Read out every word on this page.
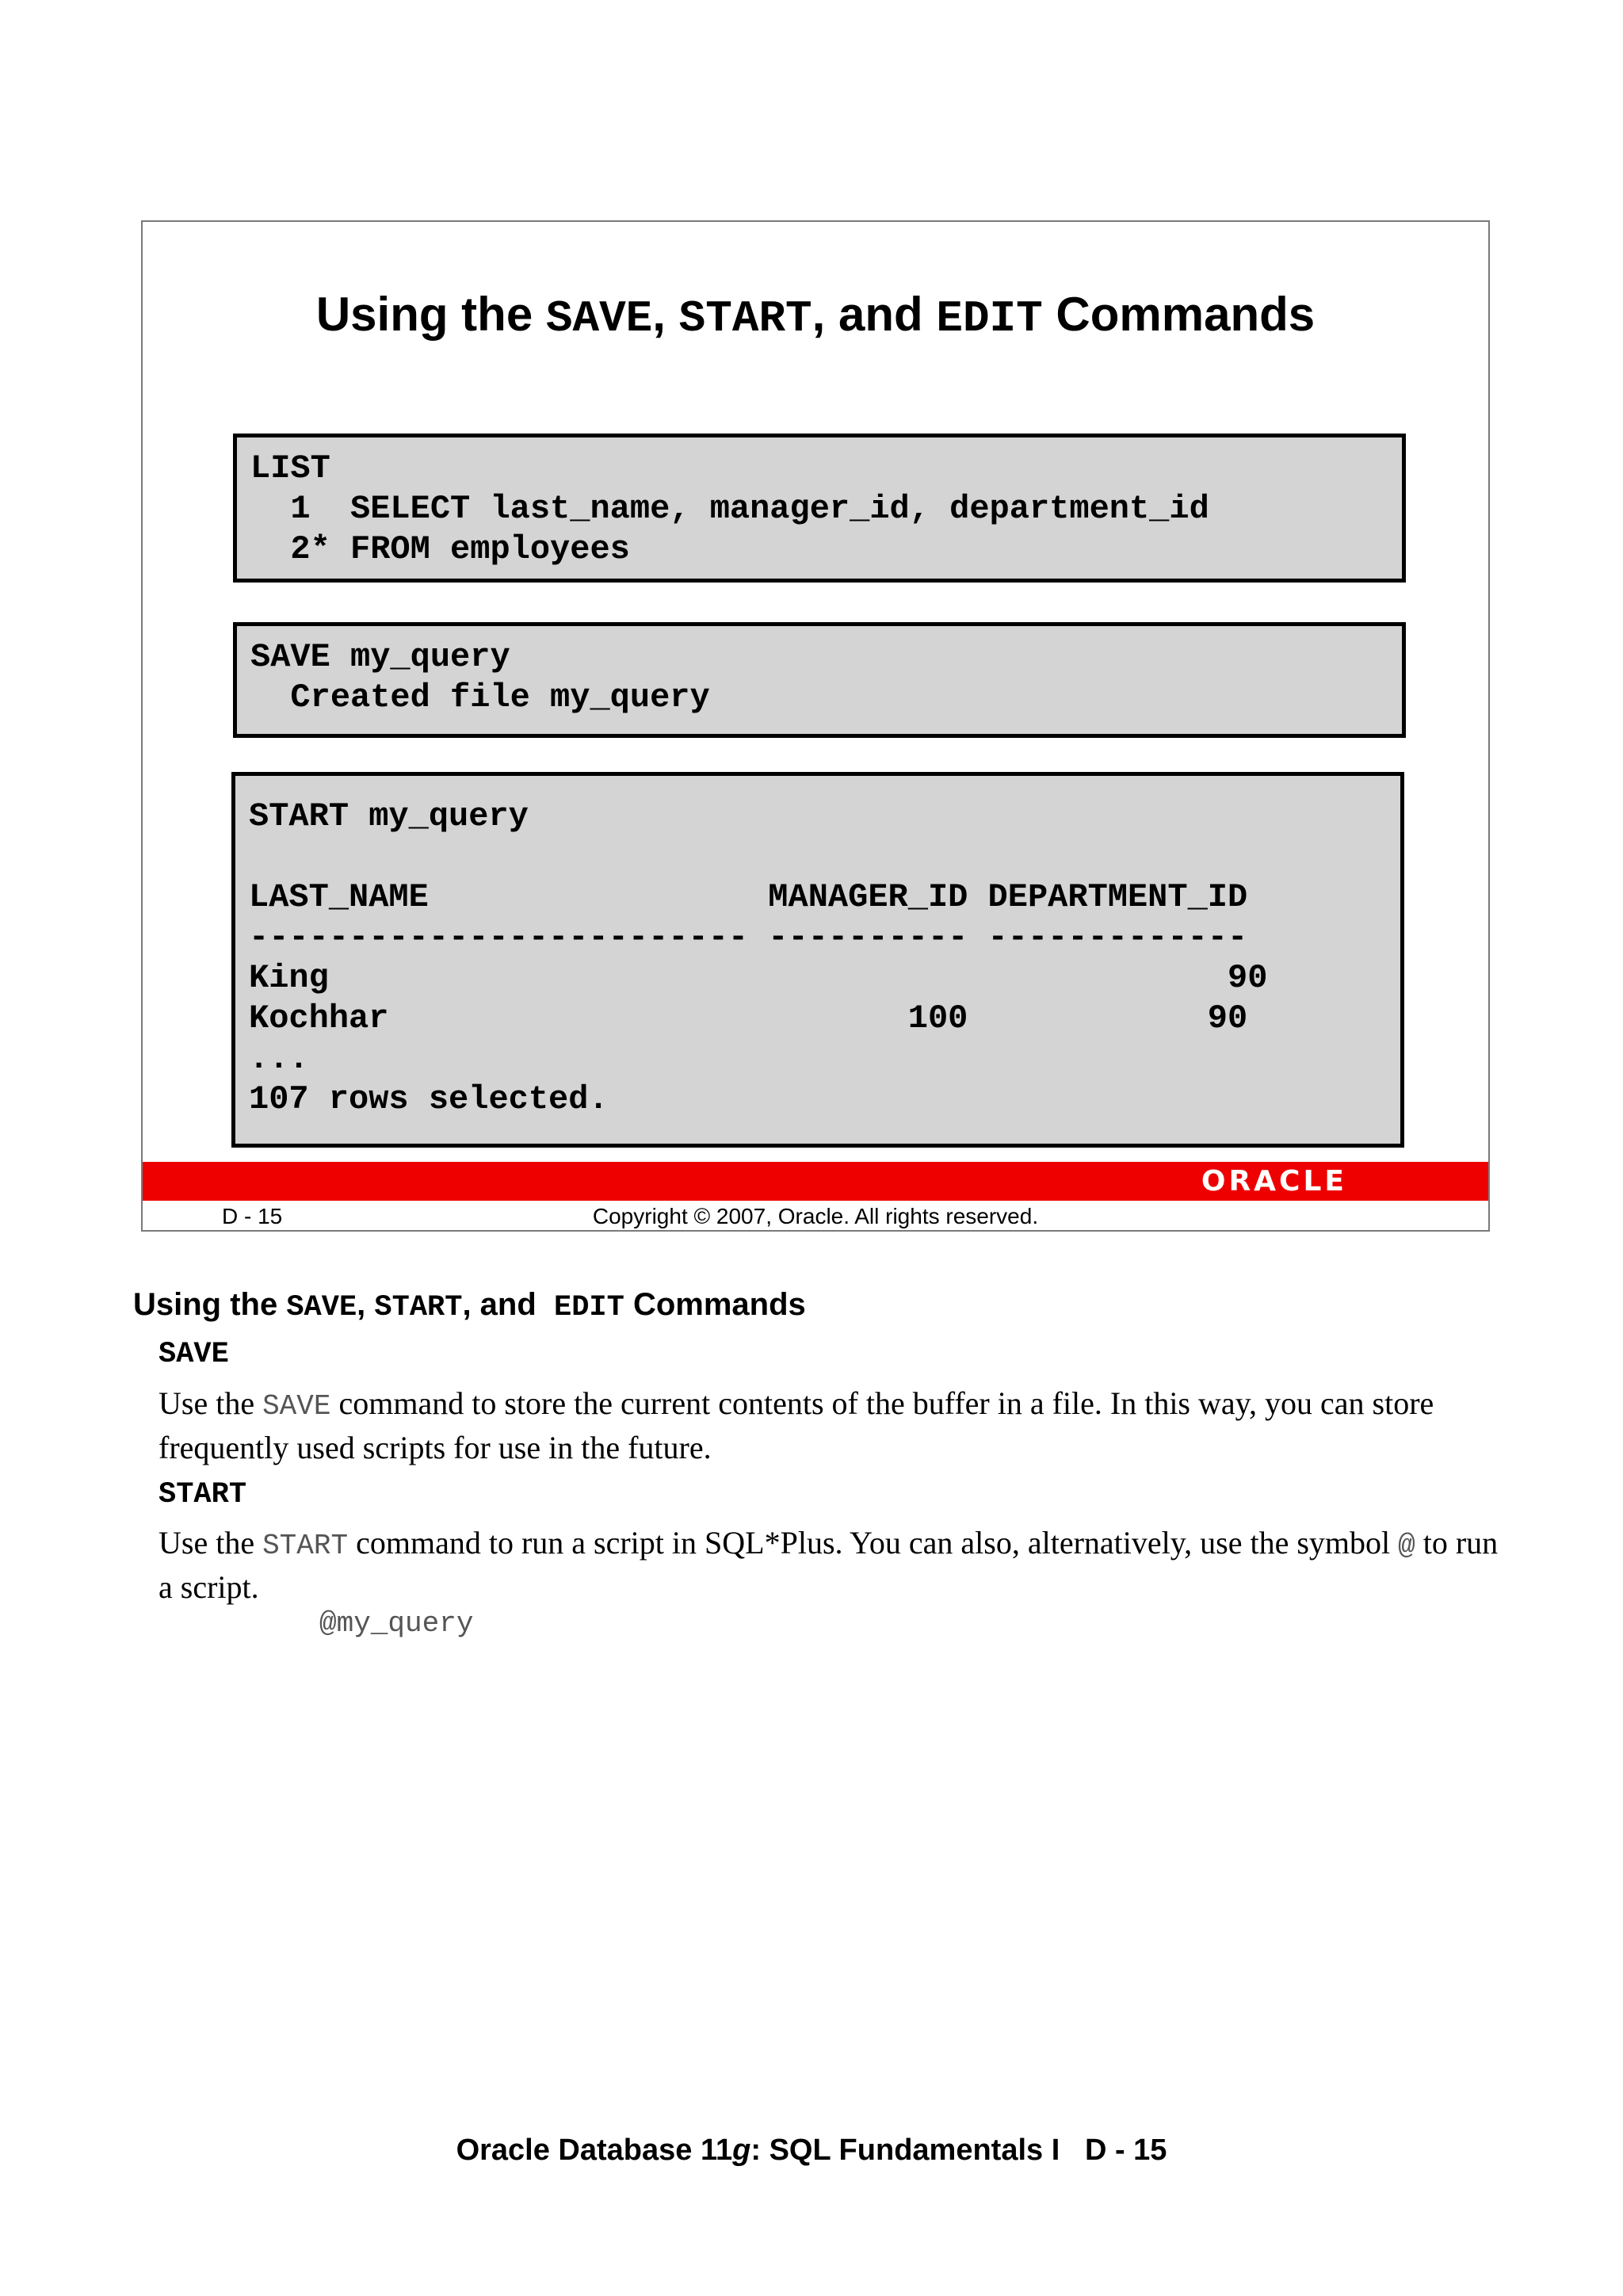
Using the SAVE, START, and EDIT Commands
LIST
1  SELECT last_name, manager_id, department_id
2* FROM employees
SAVE my_query
Created file my_query
START my_query
LAST_NAME                 MANAGER_ID DEPARTMENT_ID
------------------------- ---------- -------------
King                                             90
Kochhar                          100            90
...
107 rows selected.
ORACLE
D - 15	Copyright © 2007, Oracle. All rights reserved.
Using the SAVE, START, and  EDIT Commands
SAVE
Use the SAVE command to store the current contents of the buffer in a file. In this way, you can store frequently used scripts for use in the future.
START
Use the START command to run a script in SQL*Plus. You can also, alternatively, use the symbol @ to run a script.
@my_query
Oracle Database 11g: SQL Fundamentals I   D - 15
